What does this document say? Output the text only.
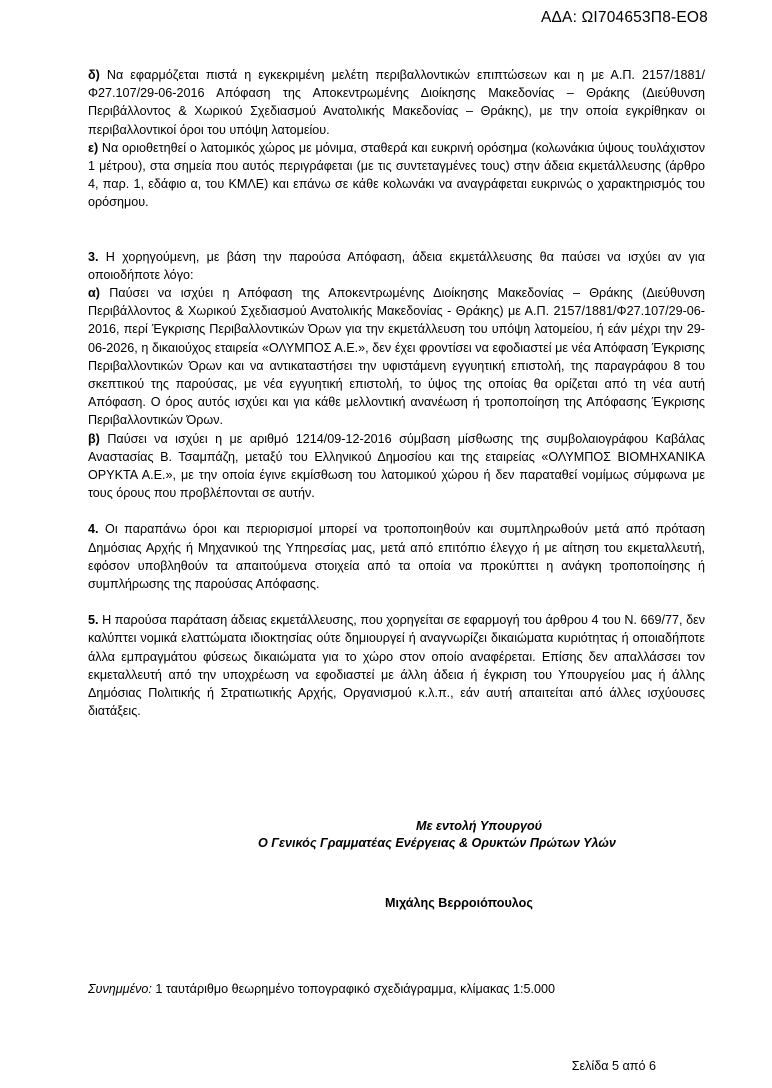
ΑΔΑ: ΩΙ704653Π8-ΕΟ8

δ) Να εφαρμόζεται πιστά η εγκεκριμένη μελέτη περιβαλλοντικών επιπτώσεων και η με Α.Π. 2157/1881/Φ27.107/29-06-2016 Απόφαση της Αποκεντρωμένης Διοίκησης Μακεδονίας – Θράκης (Διεύθυνση Περιβάλλοντος & Χωρικού Σχεδιασμού Ανατολικής Μακεδονίας – Θράκης), με την οποία εγκρίθηκαν οι περιβαλλοντικοί όροι του υπόψη λατομείου.

ε) Να οριοθετηθεί ο λατομικός χώρος με μόνιμα, σταθερά και ευκρινή ορόσημα (κολωνάκια ύψους τουλάχιστον 1 μέτρου), στα σημεία που αυτός περιγράφεται (με τις συντεταγμένες τους) στην άδεια εκμετάλλευσης (άρθρο 4, παρ. 1, εδάφιο α, του ΚΜΛΕ) και επάνω σε κάθε κολωνάκι να αναγράφεται ευκρινώς ο χαρακτηρισμός του ορόσημου.

3. Η χορηγούμενη, με βάση την παρούσα Απόφαση, άδεια εκμετάλλευσης θα παύσει να ισχύει αν για οποιοδήποτε λόγο:

α) Παύσει να ισχύει η Απόφαση της Αποκεντρωμένης Διοίκησης Μακεδονίας – Θράκης (Διεύθυνση Περιβάλλοντος & Χωρικού Σχεδιασμού Ανατολικής Μακεδονίας - Θράκης) με Α.Π. 2157/1881/Φ27.107/29-06-2016, περί Έγκρισης Περιβαλλοντικών Όρων για την εκμετάλλευση του υπόψη λατομείου, ή εάν μέχρι την 29-06-2026, η δικαιούχος εταιρεία «ΟΛΥΜΠΟΣ Α.Ε.», δεν έχει φροντίσει να εφοδιαστεί με νέα Απόφαση Έγκρισης Περιβαλλοντικών Όρων και να αντικαταστήσει την υφιστάμενη εγγυητική επιστολή, της παραγράφου 8 του σκεπτικού της παρούσας, με νέα εγγυητική επιστολή, το ύψος της οποίας θα ορίζεται από τη νέα αυτή Απόφαση. Ο όρος αυτός ισχύει και για κάθε μελλοντική ανανέωση ή τροποποίηση της Απόφασης Έγκρισης Περιβαλλοντικών Όρων.

β) Παύσει να ισχύει η με αριθμό 1214/09-12-2016 σύμβαση μίσθωσης της συμβολαιογράφου Καβάλας Αναστασίας Β. Τσαμπάζη, μεταξύ του Ελληνικού Δημοσίου και της εταιρείας «ΟΛΥΜΠΟΣ ΒΙΟΜΗΧΑΝΙΚΑ ΟΡΥΚΤΑ Α.Ε.», με την οποία έγινε εκμίσθωση του λατομικού χώρου ή δεν παραταθεί νομίμως σύμφωνα με τους όρους που προβλέπονται σε αυτήν.

4. Οι παραπάνω όροι και περιορισμοί μπορεί να τροποποιηθούν και συμπληρωθούν μετά από πρόταση Δημόσιας Αρχής ή Μηχανικού της Υπηρεσίας μας, μετά από επιτόπιο έλεγχο ή με αίτηση του εκμεταλλευτή, εφόσον υποβληθούν τα απαιτούμενα στοιχεία από τα οποία να προκύπτει η ανάγκη τροποποίησης ή συμπλήρωσης της παρούσας Απόφασης.

5. Η παρούσα παράταση άδειας εκμετάλλευσης, που χορηγείται σε εφαρμογή του άρθρου 4 του Ν. 669/77, δεν καλύπτει νομικά ελαττώματα ιδιοκτησίας ούτε δημιουργεί ή αναγνωρίζει δικαιώματα κυριότητας ή οποιαδήποτε άλλα εμπραγμάτου φύσεως δικαιώματα για το χώρο στον οποίο αναφέρεται. Επίσης δεν απαλλάσσει τον εκμεταλλευτή από την υποχρέωση να εφοδιαστεί με άλλη άδεια ή έγκριση του Υπουργείου μας ή άλλης Δημόσιας Πολιτικής ή Στρατιωτικής Αρχής, Οργανισμού κ.λ.π., εάν αυτή απαιτείται από άλλες ισχύουσες διατάξεις.

Με εντολή Υπουργού
Ο Γενικός Γραμματέας Ενέργειας & Ορυκτών Πρώτων Υλών
Μιχάλης Βερροιόπουλος
Συνημμένο: 1 ταυτάριθμο θεωρημένο τοπογραφικό σχεδιάγραμμα, κλίμακας 1:5.000
Σελίδα 5 από 6
